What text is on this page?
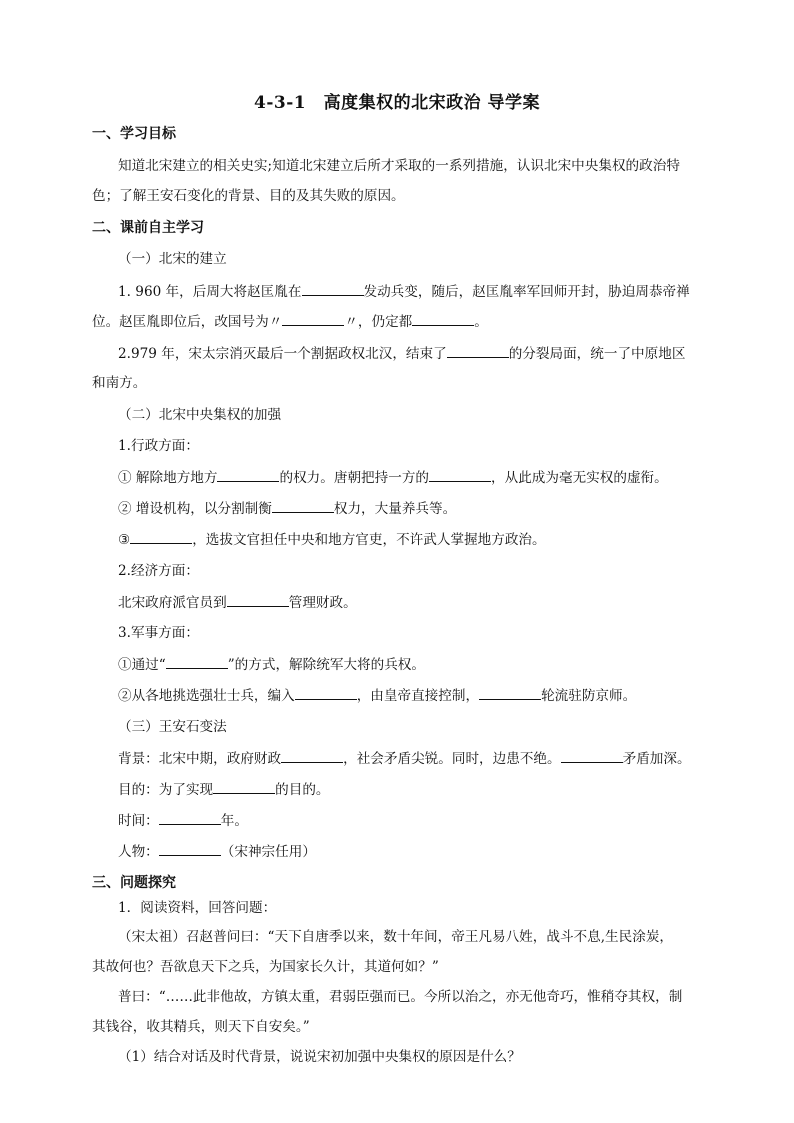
4-3-1　高度集权的北宋政治 导学案
一、学习目标
知道北宋建立的相关史实;知道北宋建立后所才采取的一系列措施，认识北宋中央集权的政治特
色；了解王安石变化的背景、目的及其失败的原因。
二、课前自主学习
（一）北宋的建立
1. 960 年，后周大将赵匡胤在	发动兵变，随后，赵匡胤率军回师开封，胁迫周恭帝禅
位。赵匡胤即位后，改国号为〃	〃，仍定都	。
2.979 年，宋太宗消灭最后一个割据政权北汉，结束了	的分裂局面，统一了中原地区
和南方。
（二）北宋中央集权的加强
1.行政方面：
① 解除地方地方	的权力。唐朝把持一方的	，从此成为毫无实权的虚衔。
② 增设机构，以分割制衡	权力，大量养兵等。
③	，选拔文官担任中央和地方官吏，不许武人掌握地方政治。
2.经济方面：
北宋政府派官员到	管理财政。
3.军事方面：
①通过“	”的方式，解除统军大将的兵权。
②从各地挑选强壮士兵，编入	，由皇帝直接控制，	轮流驻防京师。
（三）王安石变法
背景：北宋中期，政府财政	，社会矛盾尖锐。同时，边患不绝。	矛盾加深。
目的：为了实现	的目的。
时间：	年。
人物：	（宋神宗任用）
三、问题探究
1．阅读资料，回答问题：
（宋太祖）召赵普问曰：“天下自唐季以来，数十年间，帝王凡易八姓，战斗不息,生民涂炭，
其故何也？吾欲息天下之兵，为国家长久计，其道何如？”
普曰：“……此非他故，方镇太重，君弱臣强而已。今所以治之，亦无他奇巧，惟稍夺其权，制
其钱谷，收其精兵，则天下自安矣。”
（1）结合对话及时代背景，说说宋初加强中央集权的原因是什么？
